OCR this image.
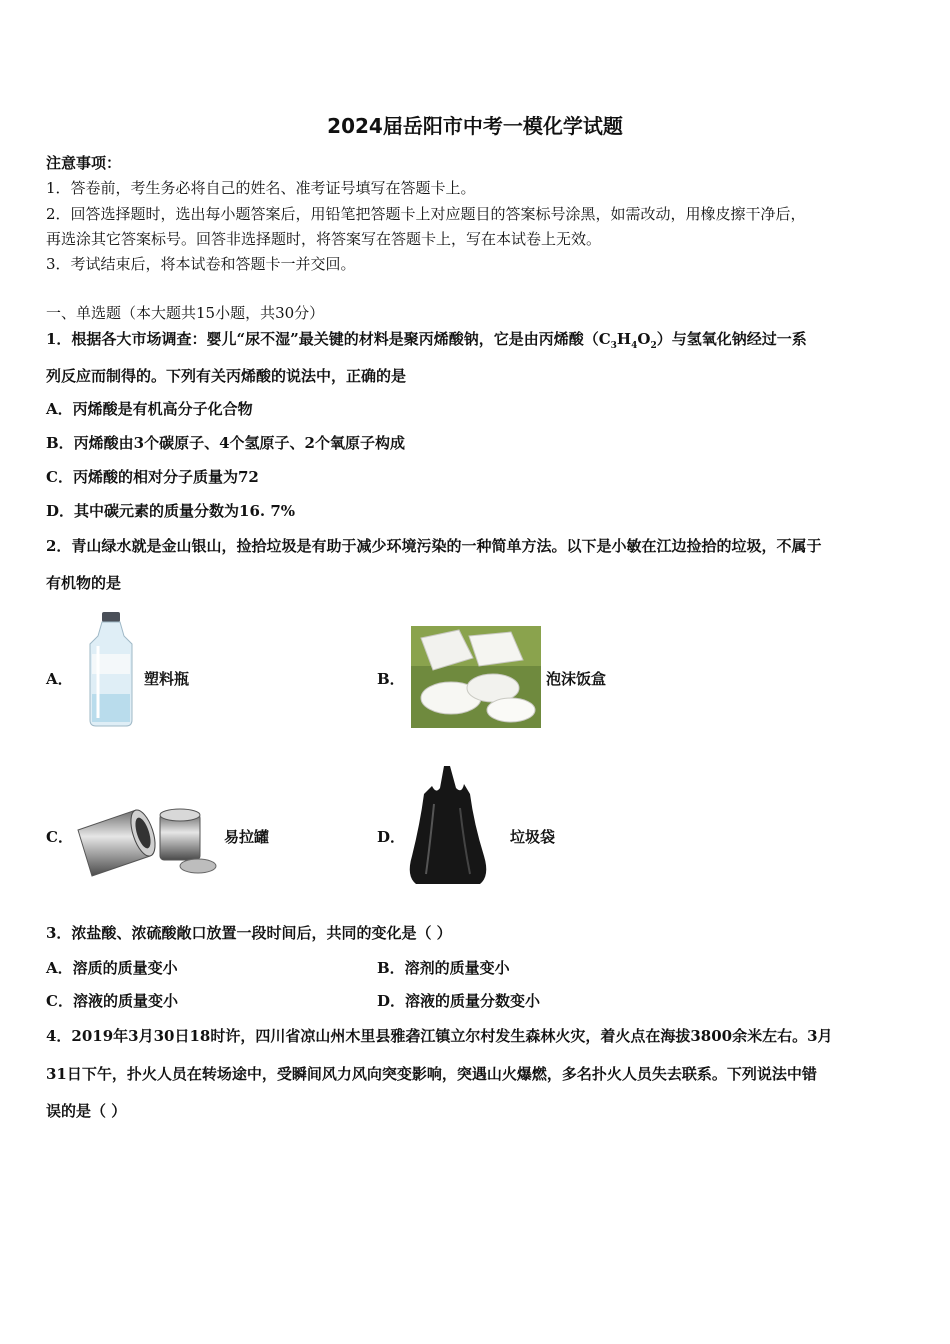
2024届岳阳市中考一模化学试题
注意事项：
1．答卷前，考生务必将自己的姓名、准考证号填写在答题卡上。
2．回答选择题时，选出每小题答案后，用铅笔把答题卡上对应题目的答案标号涂黑，如需改动，用橡皮擦干净后，
再选涂其它答案标号。回答非选择题时，将答案写在答题卡上，写在本试卷上无效。
3．考试结束后，将本试卷和答题卡一并交回。
一、单选题（本大题共15小题，共30分）
1．根据各大市场调查：婴儿“尿不湿”最关键的材料是聚丙烯酸钠，它是由丙烯酸$(C_3H_4O_2)$与氢氧化钠经过一系
列反应而制得的。下列有关丙烯酸的说法中，正确的是
A．丙烯酸是有机高分子化合物
B．丙烯酸由3个碳原子、4个氢原子、2个氧原子构成
C．丙烯酸的相对分子质量为72
D．其中碳元素的质量分数为16. 7%
2．青山绿水就是金山银山，捡拾垃圾是有助于减少环境污染的一种简单方法。以下是小敏在江边捡拾的垃圾，不属于
有机物的是
A．	塑料瓶	B．	泡沫饭盒
C．	易拉罐	D．	垃圾袋
3．浓盐酸、浓硫酸敞口放置一段时间后，共同的变化是（ ）
A．溶质的质量变小	B．溶剂的质量变小
C．溶液的质量变小	D．溶液的质量分数变小
4．2019年3月30日18时许，四川省凉山州木里县雅砻江镇立尔村发生森林火灾，着火点在海拔3800余米左右。3月
31日下午，扑火人员在转场途中，受瞬间风力风向突变影响，突遇山火爆燃，多名扑火人员失去联系。下列说法中错
误的是（ ）
